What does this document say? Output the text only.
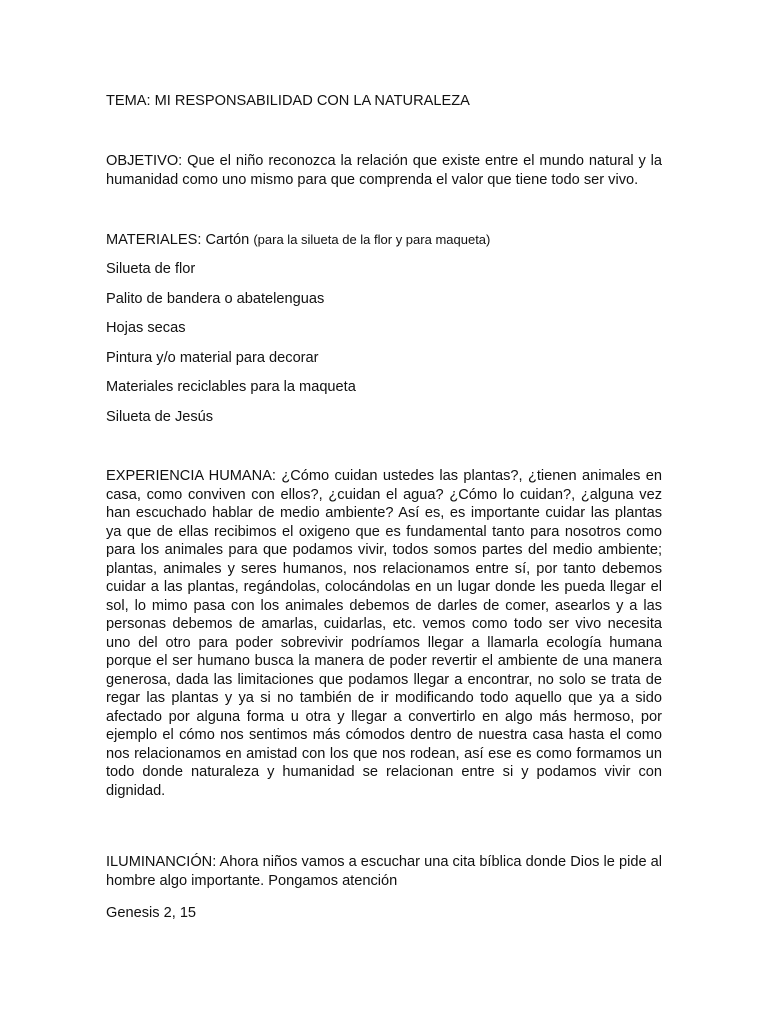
TEMA: MI RESPONSABILIDAD CON LA NATURALEZA
OBJETIVO: Que el niño reconozca la relación que existe entre el mundo natural y la humanidad como uno mismo para que comprenda el valor que tiene todo ser vivo.
MATERIALES: Cartón (para la silueta de la flor y para maqueta)
Silueta de flor
Palito de bandera o abatelenguas
Hojas secas
Pintura y/o material para decorar
Materiales reciclables para la maqueta
Silueta de Jesús
EXPERIENCIA HUMANA: ¿Cómo cuidan ustedes las plantas?, ¿tienen animales en casa, como conviven con ellos?, ¿cuidan el agua? ¿Cómo lo cuidan?, ¿alguna vez han escuchado hablar de medio ambiente? Así es, es importante cuidar las plantas ya que de ellas recibimos el oxigeno que es fundamental tanto para nosotros como para los animales para que podamos vivir, todos somos partes del medio ambiente; plantas, animales y seres humanos, nos relacionamos entre sí, por tanto debemos cuidar a las plantas, regándolas, colocándolas en un lugar donde les pueda llegar el sol, lo mimo pasa con los animales debemos de darles de comer, asearlos y a las personas debemos de amarlas, cuidarlas, etc. vemos como todo ser vivo necesita uno del otro para poder sobrevivir podríamos llegar a llamarla ecología humana porque el ser humano busca la manera de poder revertir el ambiente de una manera generosa, dada las limitaciones que podamos llegar a encontrar, no solo se trata de regar las plantas y ya si no también de ir modificando todo aquello que ya a sido afectado por alguna forma u otra y llegar a convertirlo en algo más hermoso, por ejemplo el cómo nos sentimos más cómodos dentro de nuestra casa hasta el como nos relacionamos en amistad con los que nos rodean, así ese es como formamos un todo donde naturaleza y humanidad se relacionan entre si y podamos vivir con dignidad.
ILUMINANCIÓN: Ahora niños vamos a escuchar una cita bíblica donde Dios le pide al hombre algo importante. Pongamos atención
Genesis 2, 15
